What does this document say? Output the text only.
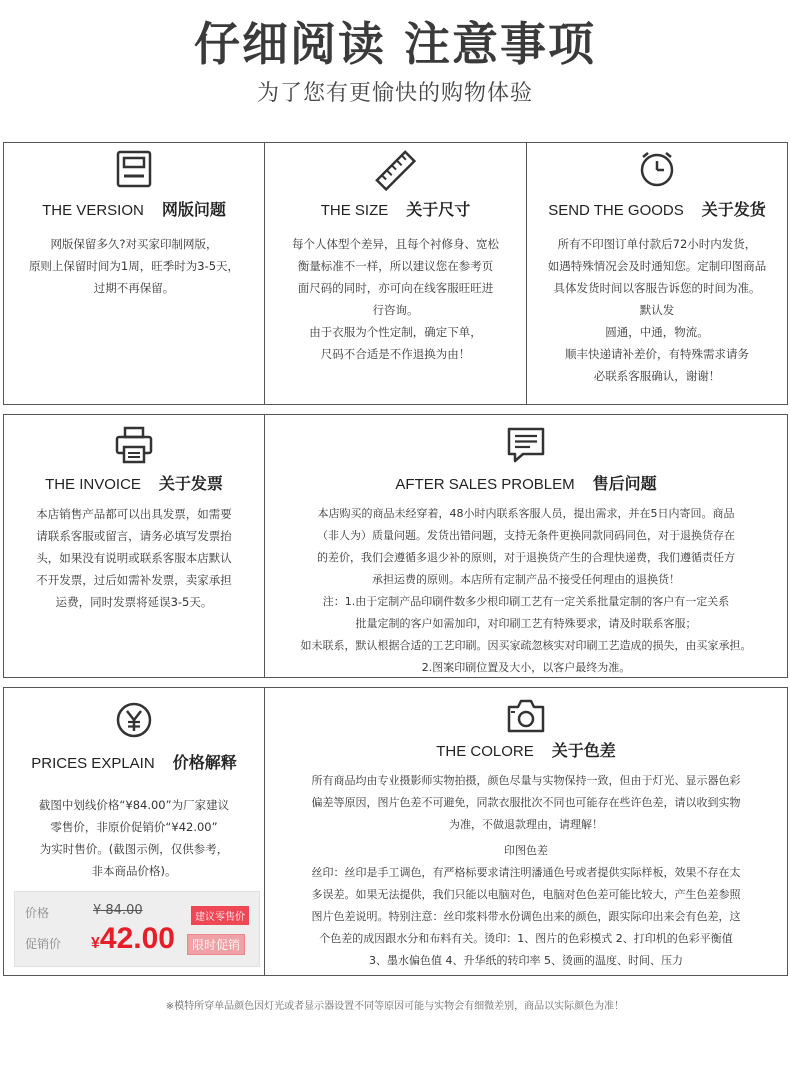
仔细阅读 注意事项
为了您有更愉快的购物体验
THE VERSION 网版问题

网版保留多久?对买家印制网版，

原则上保留时间为1周，旺季时为3-5天，

过期不再保留。

THE SIZE 关于尺寸

每个人体型个差异，且每个衬修身、宽松

衡量标准不一样，所以建议您在参考页

面尺码的同时，亦可向在线客服旺旺进

行咨询。

由于衣服为个性定制，确定下单，

尺码不合适是不作退换为由！

SEND THE GOODS 关于发货

所有不印图订单付款后72小时内发货，

如遇特殊情况会及时通知您。定制印图商品

具体发货时间以客服告诉您的时间为准。

默认发

圆通，中通，物流。

顺丰快递请补差价，有特殊需求请务

必联系客服确认，谢谢！

THE INVOICE 关于发票

本店销售产品都可以出具发票，如需要

请联系客服或留言，请务必填写发票抬

头，如果没有说明或联系客服本店默认

不开发票，过后如需补发票，卖家承担

运费，同时发票将延误3-5天。

AFTER SALES PROBLEM 售后问题

本店购买的商品未经穿着，48小时内联系客服人员，提出需求，并在5日内寄回。商品

（非人为）质量问题。发货出错问题，支持无条件更换同款同码同色，对于退换货存在

的差价，我们会遵循多退少补的原则，对于退换货产生的合理快递费，我们遵循责任方

承担运费的原则。本店所有定制产品不接受任何理由的退换货！

注：1.由于定制产品印刷件数多少根印刷工艺有一定关系批量定制的客户有一定关系

批量定制的客户如需加印，对印刷工艺有特殊要求，请及时联系客服；

如未联系，默认根据合适的工艺印刷。因买家疏忽核实对印刷工艺造成的损失，由买家承担。

2.图案印刷位置及大小，以客户最终为准。

PRICES EXPLAIN 价格解释

截图中划线价格“¥84.00”为厂家建议

零售价，非原价促销价“¥42.00”

为实时售价。(截图示例，仅供参考，

非本商品价格)。

价格	¥ 84.00	建议零售价
促销价 ¥42.00	限时促销
THE COLORE 关于色差

所有商品均由专业摄影师实物拍摄，颜色尽量与实物保持一致，但由于灯光、显示器色彩

偏差等原因，图片色差不可避免，同款衣服批次不同也可能存在些许色差，请以收到实物

为准，不做退款理由，请理解！

印图色差

丝印：丝印是手工调色，有严格标要求请注明潘通色号或者提供实际样板，效果不存在太

多误差。如果无法提供，我们只能以电脑对色，电脑对色色差可能比较大，产生色差参照

图片色差说明。特别注意：丝印浆料带水份调色出来的颜色，跟实际印出来会有色差，这

个色差的成因跟水分和布料有关。烫印：1、图片的色彩模式 2、打印机的色彩平衡值

3、墨水偏色值 4、升华纸的转印率 5、烫画的温度、时间、压力

※模特所穿单品颜色因灯光或者显示器设置不同等原因可能与实物会有细微差别，商品以实际颜色为准！
